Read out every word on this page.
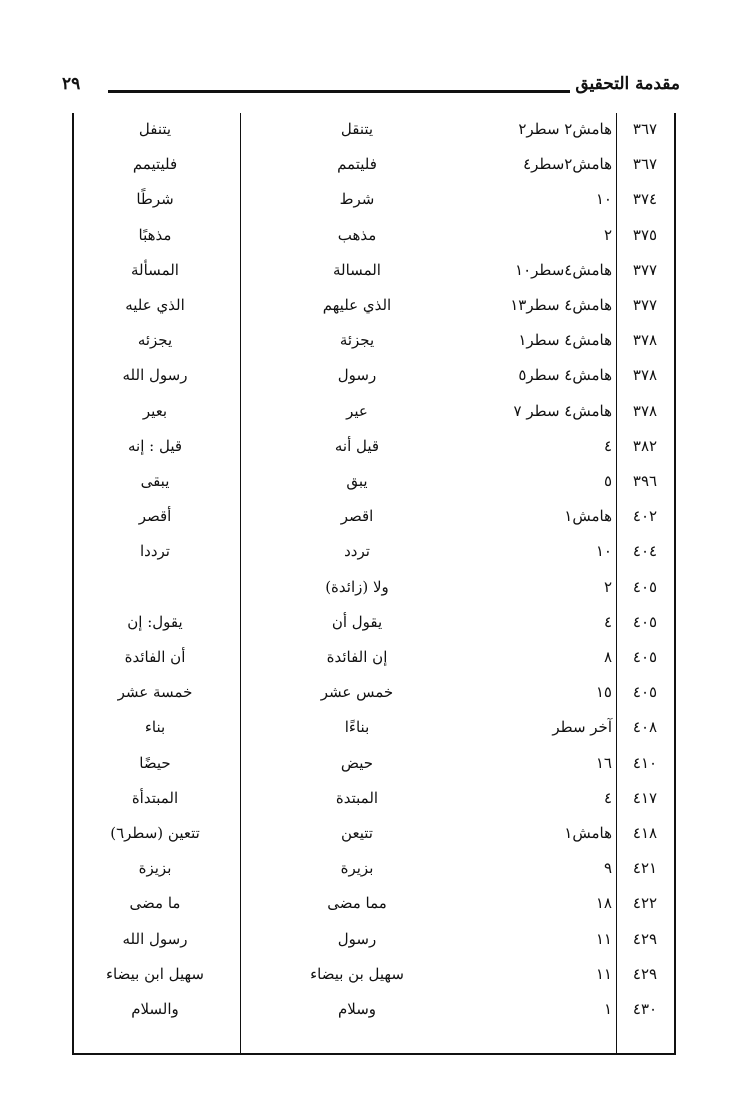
مقدمة التحقيق
٢٩
٣٦٧
هامش٢ سطر٢
يتنقل
يتنفل
٣٦٧
هامش٢سطر٤
فليتمم
فليتيمم
٣٧٤
١٠
شرط
شرطًا
٣٧٥
٢
مذهب
مذهبًا
٣٧٧
هامش٤سطر١٠
المسالة
المسألة
٣٧٧
هامش٤ سطر١٣
الذي عليهم
الذي عليه
٣٧٨
هامش٤ سطر١
يجزئة
يجزئه
٣٧٨
هامش٤ سطر٥
رسول
رسول الله
٣٧٨
هامش٤ سطر ٧
عير
بعير
٣٨٢
٤
قيل أنه
قيل : إنه
٣٩٦
٥
يبق
يبقى
٤٠٢
هامش١
اقصر
أقصر
٤٠٤
١٠
تردد
ترددا
٤٠٥
٢
ولا (زائدة)
٤٠٥
٤
يقول أن
يقول: إن
٤٠٥
٨
إن الفائدة
أن الفائدة
٤٠٥
١٥
خمس عشر
خمسة عشر
٤٠٨
آخر سطر
بناءًا
بناء
٤١٠
١٦
حيض
حيضًا
٤١٧
٤
المبتدة
المبتدأة
٤١٨
هامش١
تتيعن
تتعين (سطر٦)
٤٢١
٩
بزيرة
بزيزة
٤٢٢
١٨
مما مضى
ما مضى
٤٢٩
١١
رسول
رسول الله
٤٢٩
١١
سهيل بن بيضاء
سهيل ابن بيضاء
٤٣٠
١
وسلام
والسلام
